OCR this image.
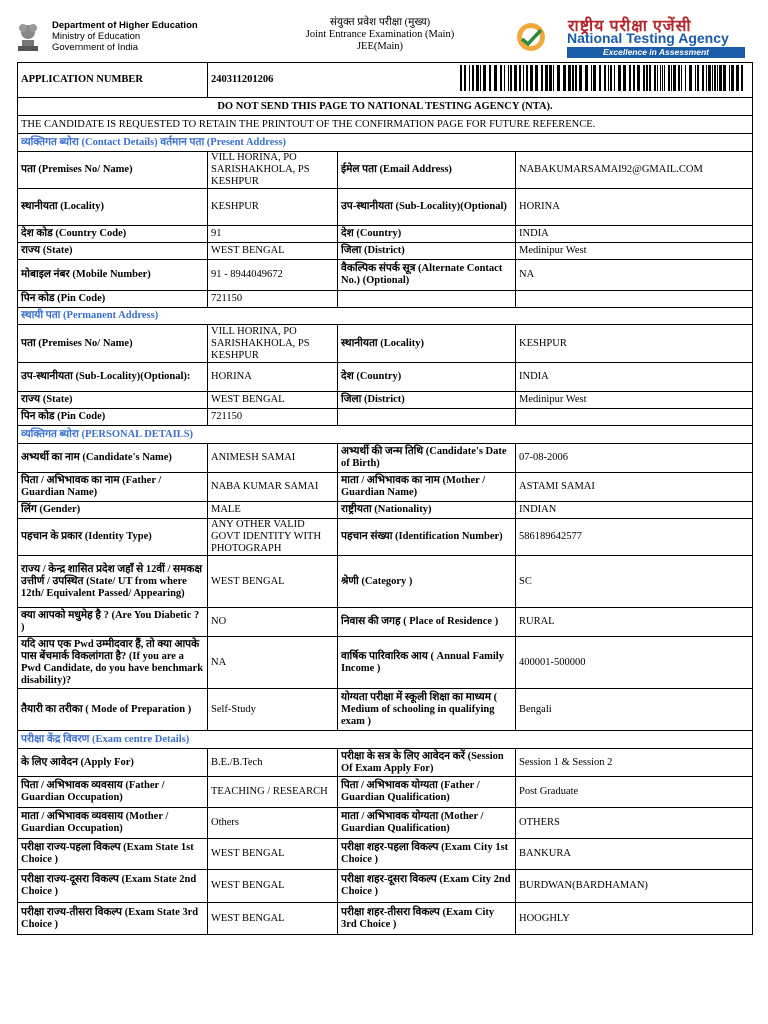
Department of Higher Education
Ministry of Education
Government of India
संयुक्त प्रवेश परीक्षा (मुख्य)
Joint Entrance Examination (Main)
JEE(Main)
राष्ट्रीय परीक्षा एजेंसी
National Testing Agency
Excellence in Assessment
APPLICATION NUMBER	240311201206	
DO NOT SEND THIS PAGE TO NATIONAL TESTING AGENCY (NTA).			
THE CANDIDATE IS REQUESTED TO RETAIN THE PRINTOUT OF THE CONFIRMATION PAGE FOR FUTURE REFERENCE.			
व्यक्तिगत ब्योरा (Contact Details) वर्तमान पता (Present Address)			
पता (Premises No/ Name)	VILL HORINA, PO SARISHAKHOLA, PS KESHPUR	ईमेल पता (Email Address)	NABAKUMARSAMAI92@GMAIL.COM
स्थानीयता (Locality)	KESHPUR	उप-स्थानीयता (Sub-Locality)(Optional)	HORINA
देश कोड (Country Code)	91	देश (Country)	INDIA
राज्य (State)	WEST BENGAL	जिला (District)	Medinipur West
मोबाइल नंबर (Mobile Number)	91 - 8944049672	वैकल्पिक संपर्क सूत्र (Alternate Contact No.) (Optional)	NA
पिन कोड (Pin Code)	721150		
स्थायी पता (Permanent Address)			
पता (Premises No/ Name)	VILL HORINA, PO SARISHAKHOLA, PS KESHPUR	स्थानीयता (Locality)	KESHPUR
उप-स्थानीयता (Sub-Locality)(Optional):	HORINA	देश (Country)	INDIA
राज्य (State)	WEST BENGAL	जिला (District)	Medinipur West
पिन कोड (Pin Code)	721150		
व्यक्तिगत ब्योरा (PERSONAL DETAILS)			
अभ्यर्थी का नाम (Candidate's Name)	ANIMESH SAMAI	अभ्यर्थी की जन्म तिथि (Candidate's Date of Birth)	07-08-2006
पिता / अभिभावक का नाम (Father / Guardian Name)	NABA KUMAR SAMAI	माता / अभिभावक का नाम (Mother / Guardian Name)	ASTAMI SAMAI
लिंग (Gender)	MALE	राष्ट्रीयता (Nationality)	INDIAN
पहचान के प्रकार (Identity Type)	ANY OTHER VALID GOVT IDENTITY WITH PHOTOGRAPH	पहचान संख्या (Identification Number)	586189642577
राज्य / केन्द्र शासित प्रदेश जहाँ से 12वीं / समकक्ष उत्तीर्ण / उपस्थित (State/ UT from where 12th/ Equivalent Passed/ Appearing)	WEST BENGAL	श्रेणी (Category )	SC
क्या आपको मधुमेह है ? (Are You Diabetic ? )	NO	निवास की जगह ( Place of Residence )	RURAL
यदि आप एक Pwd उम्मीदवार हैं, तो क्या आपके पास बेंचमार्क विकलांगता है? (If you are a Pwd Candidate, do you have benchmark disability)?	NA	वार्षिक पारिवारिक आय ( Annual Family Income )	400001-500000
तैयारी का तरीका ( Mode of Preparation )	Self-Study	योग्यता परीक्षा में स्कूली शिक्षा का माध्यम ( Medium of schooling in qualifying exam )	Bengali
परीक्षा केंद्र विवरण (Exam centre Details)			
के लिए आवेदन (Apply For)	B.E./B.Tech	परीक्षा के सत्र के लिए आवेदन करें (Session Of Exam Apply For)	Session 1 & Session 2
पिता / अभिभावक व्यवसाय (Father / Guardian Occupation)	TEACHING / RESEARCH	पिता / अभिभावक योग्यता (Father / Guardian Qualification)	Post Graduate
माता / अभिभावक व्यवसाय (Mother / Guardian Occupation)	Others	माता / अभिभावक योग्यता (Mother / Guardian Qualification)	OTHERS
परीक्षा राज्य-पहला विकल्प (Exam State 1st Choice )	WEST BENGAL	परीक्षा शहर-पहला विकल्प (Exam City 1st Choice )	BANKURA
परीक्षा राज्य-दूसरा विकल्प (Exam State 2nd Choice )	WEST BENGAL	परीक्षा शहर-दूसरा विकल्प (Exam City 2nd Choice )	BURDWAN(BARDHAMAN)
परीक्षा राज्य-तीसरा विकल्प (Exam State 3rd Choice )	WEST BENGAL	परीक्षा शहर-तीसरा विकल्प (Exam City 3rd Choice )	HOOGHLY
